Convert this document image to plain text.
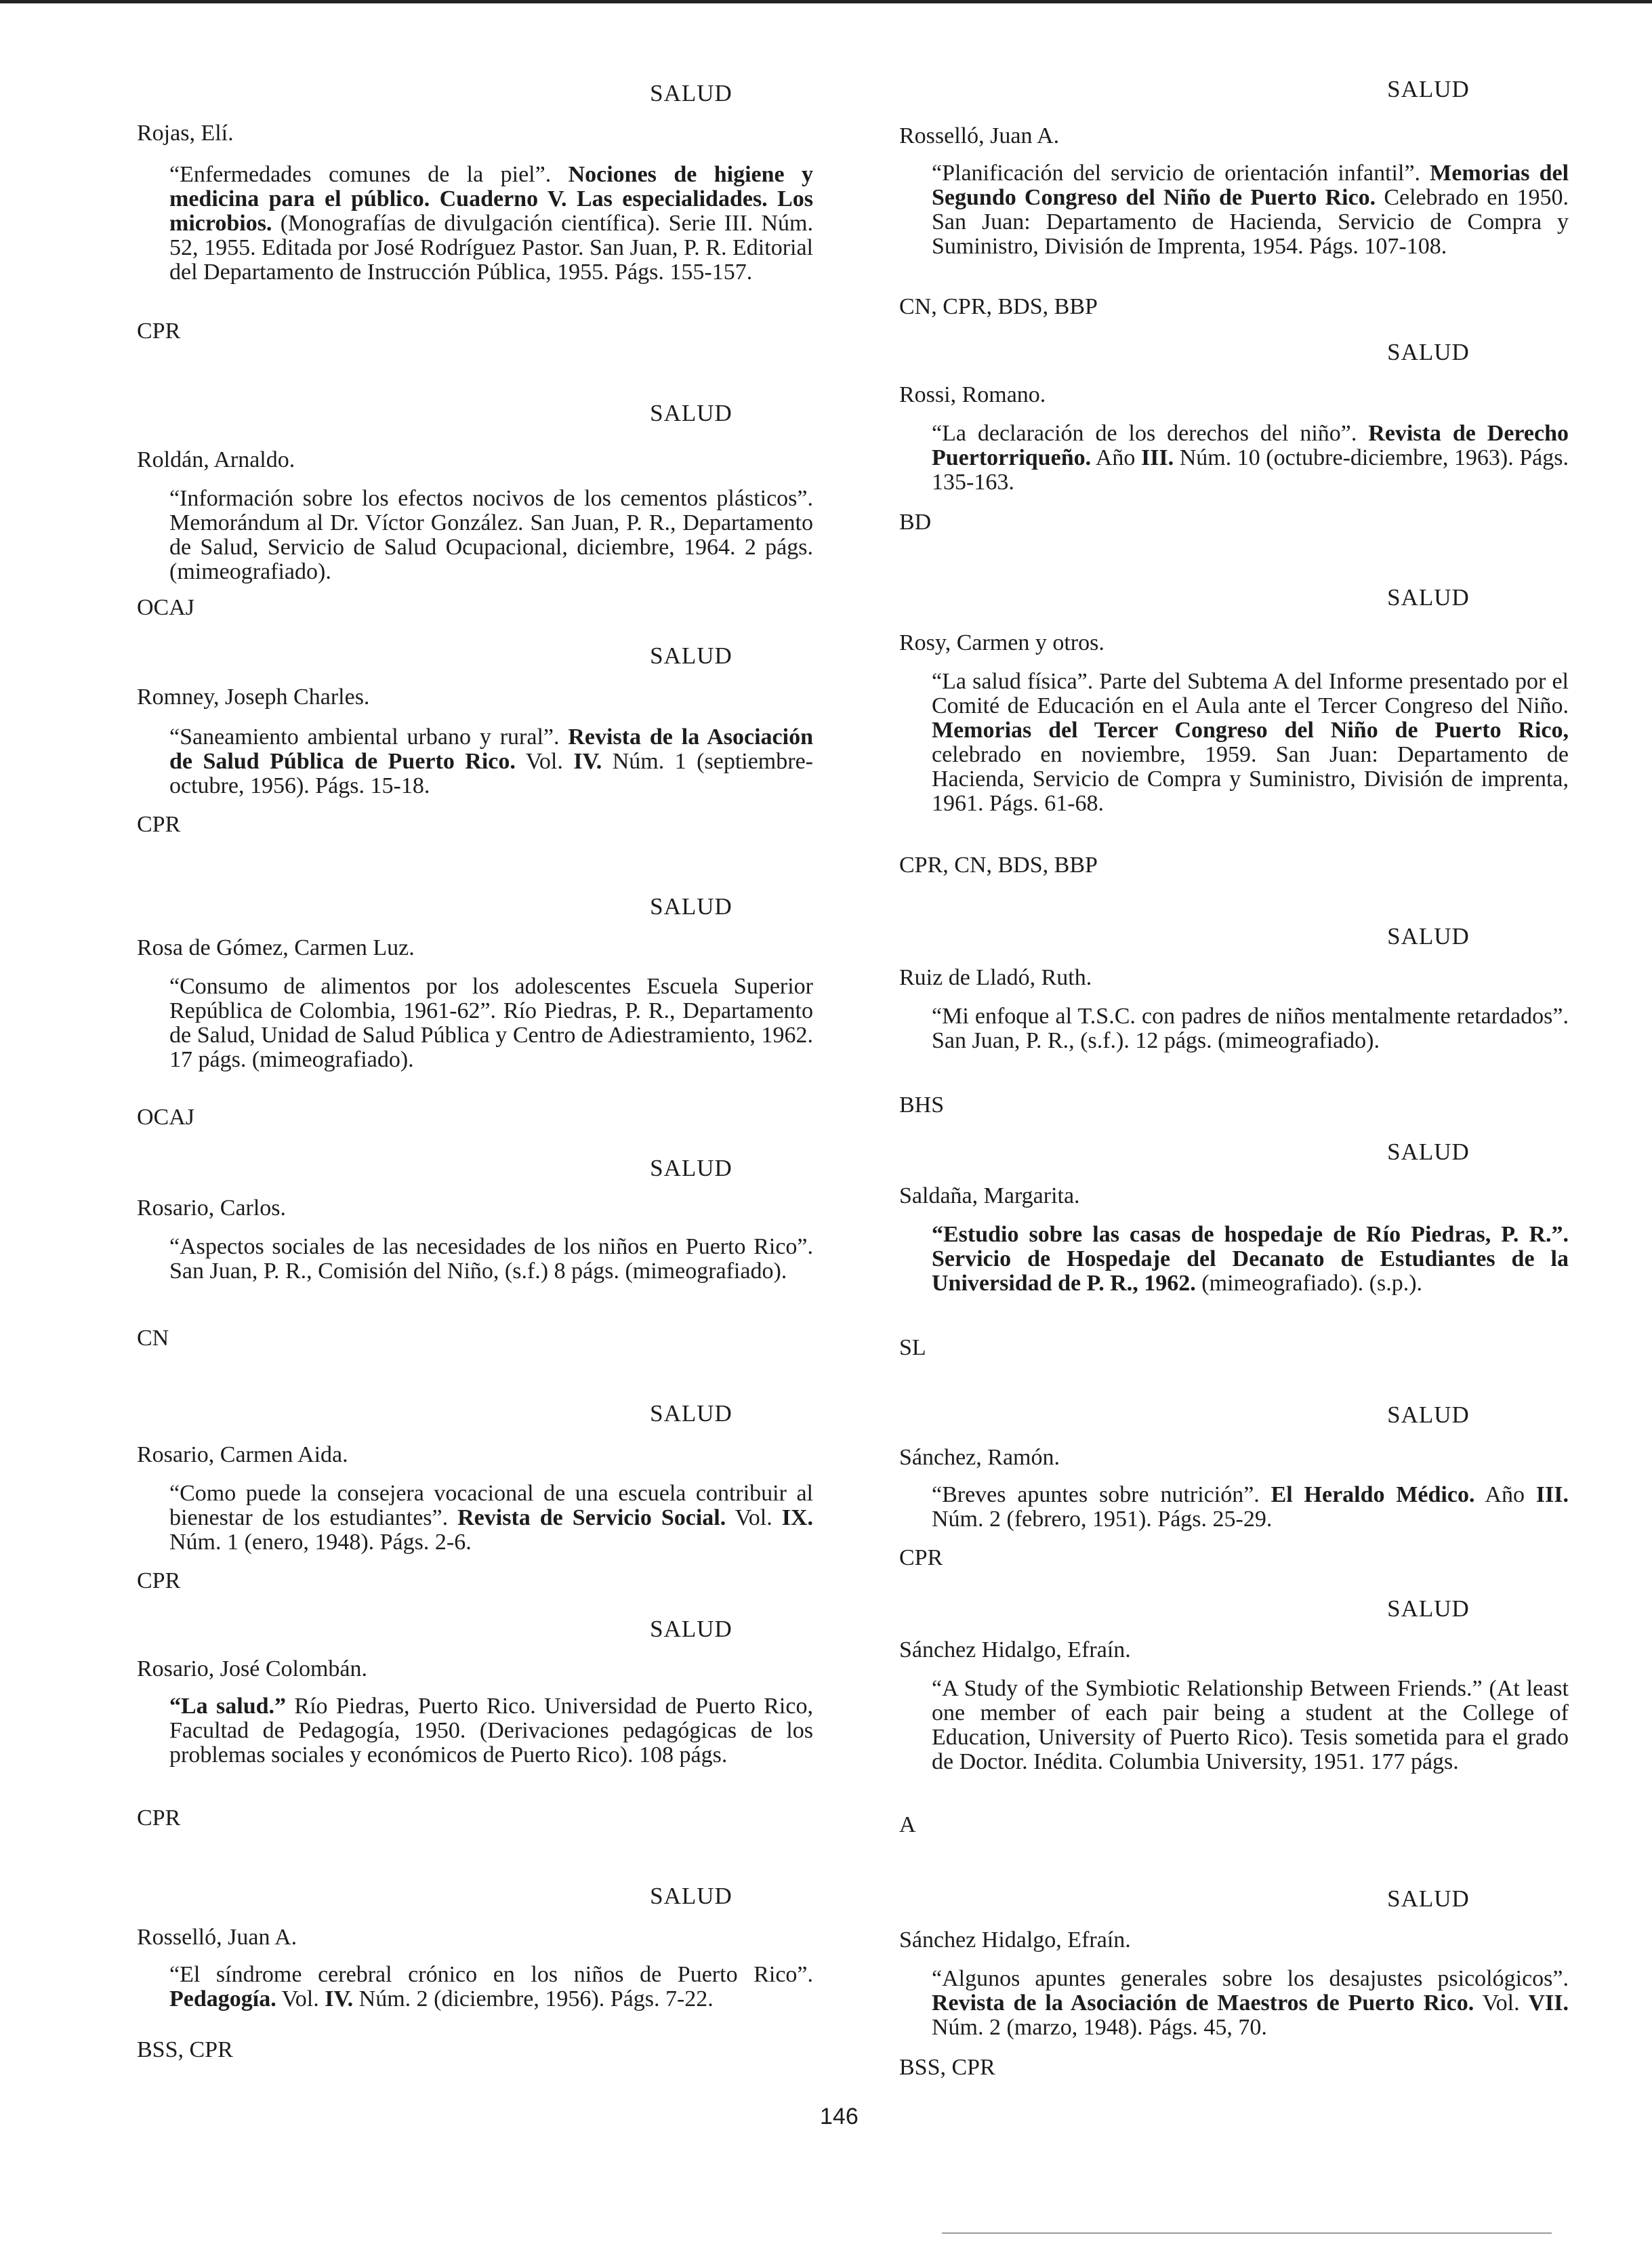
SALUD
Rojas, Elí.
“Enfermedades comunes de la piel”. Nociones de higiene y medicina para el público. Cuaderno V. Las especialidades. Los microbios. (Monografías de divulgación científica). Serie III. Núm. 52, 1955. Editada por José Rodríguez Pastor. San Juan, P. R. Editorial del Departamento de Instrucción Pública, 1955. Págs. 155-157.
CPR
SALUD
Roldán, Arnaldo.
“Información sobre los efectos nocivos de los cementos plásticos”. Memorándum al Dr. Víctor González. San Juan, P. R., Departamento de Salud, Servicio de Salud Ocupacional, diciembre, 1964. 2 págs. (mimeografiado).
OCAJ
SALUD
Romney, Joseph Charles.
“Saneamiento ambiental urbano y rural”. Revista de la Asociación de Salud Pública de Puerto Rico. Vol. IV. Núm. 1 (septiembre-octubre, 1956). Págs. 15-18.
CPR
SALUD
Rosa de Gómez, Carmen Luz.
“Consumo de alimentos por los adolescentes Escuela Superior República de Colombia, 1961-62”. Río Piedras, P. R., Departamento de Salud, Unidad de Salud Pública y Centro de Adiestramiento, 1962. 17 págs. (mimeografiado).
OCAJ
SALUD
Rosario, Carlos.
“Aspectos sociales de las necesidades de los niños en Puerto Rico”. San Juan, P. R., Comisión del Niño, (s.f.) 8 págs. (mimeografiado).
CN
SALUD
Rosario, Carmen Aida.
“Como puede la consejera vocacional de una escuela contribuir al bienestar de los estudiantes”. Revista de Servicio Social. Vol. IX. Núm. 1 (enero, 1948). Págs. 2-6.
CPR
SALUD
Rosario, José Colombán.
“La salud.” Río Piedras, Puerto Rico. Universidad de Puerto Rico, Facultad de Pedagogía, 1950. (Derivaciones pedagógicas de los problemas sociales y económicos de Puerto Rico). 108 págs.
CPR
SALUD
Rosselló, Juan A.
“El síndrome cerebral crónico en los niños de Puerto Rico”. Pedagogía. Vol. IV. Núm. 2 (diciembre, 1956). Págs. 7-22.
BSS, CPR
SALUD
Rosselló, Juan A.
“Planificación del servicio de orientación infantil”. Memorias del Segundo Congreso del Niño de Puerto Rico. Celebrado en 1950. San Juan: Departamento de Hacienda, Servicio de Compra y Suministro, División de Imprenta, 1954. Págs. 107-108.
CN, CPR, BDS, BBP
SALUD
Rossi, Romano.
“La declaración de los derechos del niño”. Revista de Derecho Puertorriqueño. Año III. Núm. 10 (octubre-diciembre, 1963). Págs. 135-163.
BD
SALUD
Rosy, Carmen y otros.
“La salud física”. Parte del Subtema A del Informe presentado por el Comité de Educación en el Aula ante el Tercer Congreso del Niño. Memorias del Tercer Congreso del Niño de Puerto Rico, celebrado en noviembre, 1959. San Juan: Departamento de Hacienda, Servicio de Compra y Suministro, División de imprenta, 1961. Págs. 61-68.
CPR, CN, BDS, BBP
SALUD
Ruiz de Lladó, Ruth.
“Mi enfoque al T.S.C. con padres de niños mentalmente retardados”. San Juan, P. R., (s.f.). 12 págs. (mimeografiado).
BHS
SALUD
Saldaña, Margarita.
“Estudio sobre las casas de hospedaje de Río Piedras, P. R.”. Servicio de Hospedaje del Decanato de Estudiantes de la Universidad de P. R., 1962. (mimeografiado). (s.p.).
SL
SALUD
Sánchez, Ramón.
“Breves apuntes sobre nutrición”. El Heraldo Médico. Año III. Núm. 2 (febrero, 1951). Págs. 25-29.
CPR
SALUD
Sánchez Hidalgo, Efraín.
“A Study of the Symbiotic Relationship Between Friends.” (At least one member of each pair being a student at the College of Education, University of Puerto Rico). Tesis sometida para el grado de Doctor. Inédita. Columbia University, 1951. 177 págs.
A
SALUD
Sánchez Hidalgo, Efraín.
“Algunos apuntes generales sobre los desajustes psicológicos”. Revista de la Asociación de Maestros de Puerto Rico. Vol. VII. Núm. 2 (marzo, 1948). Págs. 45, 70.
BSS, CPR
146
